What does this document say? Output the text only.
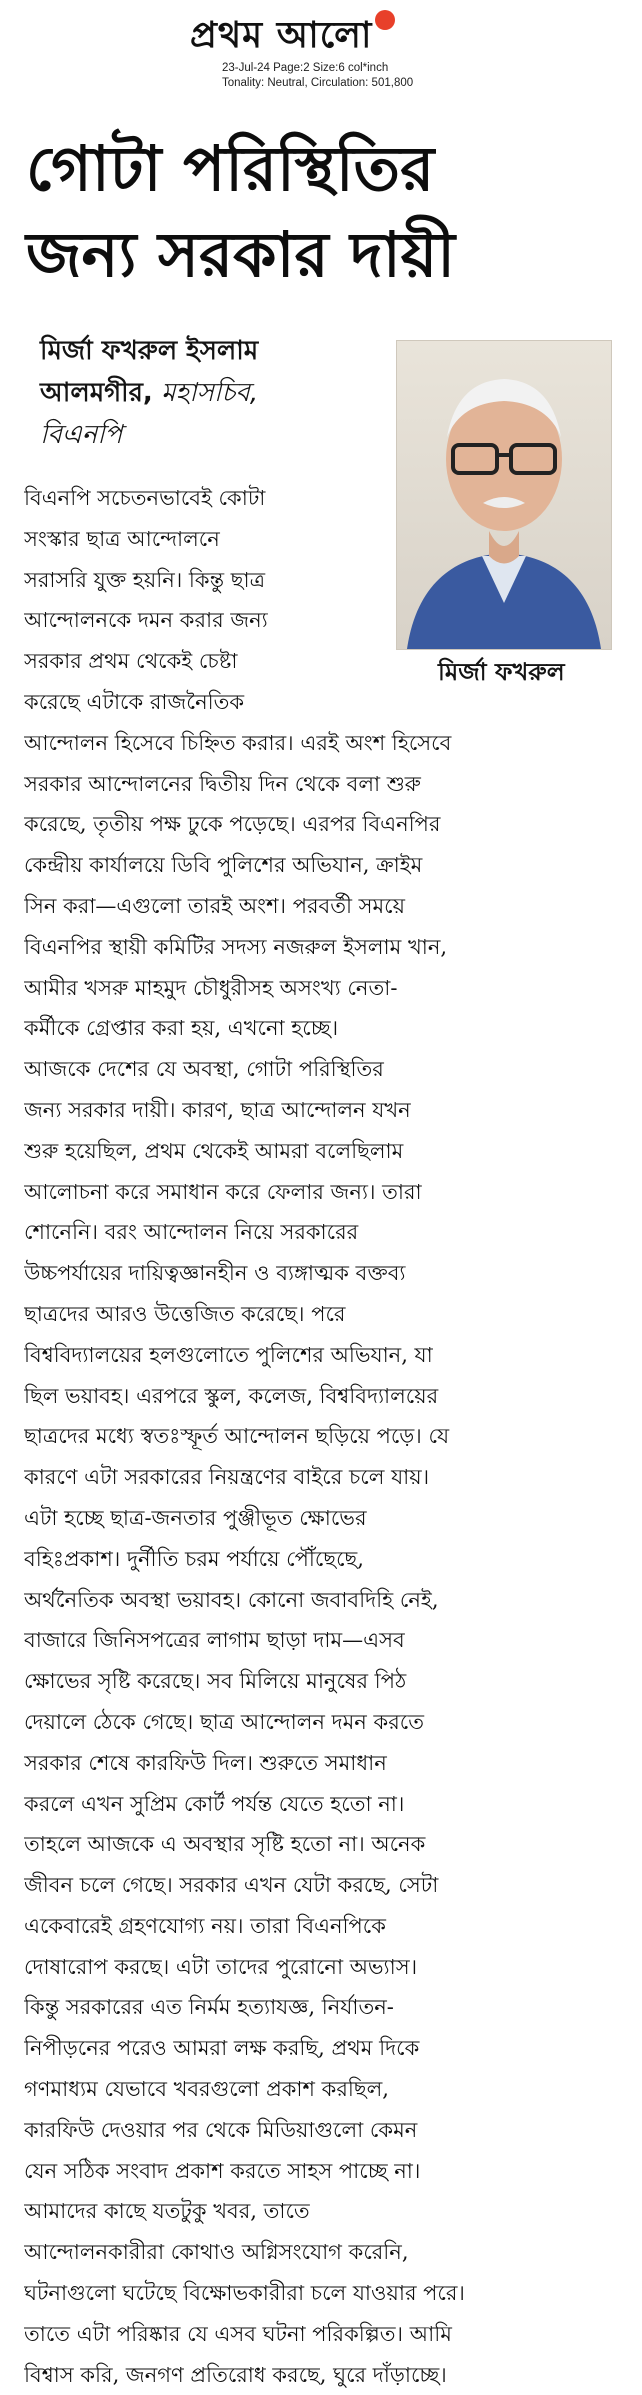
প্রথম আলো
23-Jul-24 Page:2 Size:6 col*inch
Tonality: Neutral, Circulation: 501,800
গোটা পরিস্থিতির
জন্য সরকার দায়ী
মির্জা ফখরুল ইসলাম
আলমগীর, মহাসচিব,
বিএনপি
মির্জা ফখরুল
বিএনপি সচেতনভাবেই কোটা
সংস্কার ছাত্র আন্দোলনে
সরাসরি যুক্ত হয়নি। কিন্তু ছাত্র
আন্দোলনকে দমন করার জন্য
সরকার প্রথম থেকেই চেষ্টা
করেছে এটাকে রাজনৈতিক
আন্দোলন হিসেবে চিহ্নিত করার। এরই অংশ হিসেবে
সরকার আন্দোলনের দ্বিতীয় দিন থেকে বলা শুরু
করেছে, তৃতীয় পক্ষ ঢুকে পড়েছে। এরপর বিএনপির
কেন্দ্রীয় কার্যালয়ে ডিবি পুলিশের অভিযান, ক্রাইম
সিন করা—এগুলো তারই অংশ। পরবর্তী সময়ে
বিএনপির স্থায়ী কমিটির সদস্য নজরুল ইসলাম খান,
আমীর খসরু মাহমুদ চৌধুরীসহ অসংখ্য নেতা-
কর্মীকে গ্রেপ্তার করা হয়, এখনো হচ্ছে।
আজকে দেশের যে অবস্থা, গোটা পরিস্থিতির
জন্য সরকার দায়ী। কারণ, ছাত্র আন্দোলন যখন
শুরু হয়েছিল, প্রথম থেকেই আমরা বলেছিলাম
আলোচনা করে সমাধান করে ফেলার জন্য। তারা
শোনেনি। বরং আন্দোলন নিয়ে সরকারের
উচ্চপর্যায়ের দায়িত্বজ্ঞানহীন ও ব্যঙ্গাত্মক বক্তব্য
ছাত্রদের আরও উত্তেজিত করেছে। পরে
বিশ্ববিদ্যালয়ের হলগুলোতে পুলিশের অভিযান, যা
ছিল ভয়াবহ। এরপরে স্কুল, কলেজ, বিশ্ববিদ্যালয়ের
ছাত্রদের মধ্যে স্বতঃস্ফূর্ত আন্দোলন ছড়িয়ে পড়ে। যে
কারণে এটা সরকারের নিয়ন্ত্রণের বাইরে চলে যায়।
এটা হচ্ছে ছাত্র-জনতার পুঞ্জীভূত ক্ষোভের
বহিঃপ্রকাশ। দুর্নীতি চরম পর্যায়ে পৌঁছেছে,
অর্থনৈতিক অবস্থা ভয়াবহ। কোনো জবাবদিহি নেই,
বাজারে জিনিসপত্রের লাগাম ছাড়া দাম—এসব
ক্ষোভের সৃষ্টি করেছে। সব মিলিয়ে মানুষের পিঠ
দেয়ালে ঠেকে গেছে। ছাত্র আন্দোলন দমন করতে
সরকার শেষে কারফিউ দিল। শুরুতে সমাধান
করলে এখন সুপ্রিম কোর্ট পর্যন্ত যেতে হতো না।
তাহলে আজকে এ অবস্থার সৃষ্টি হতো না। অনেক
জীবন চলে গেছে। সরকার এখন যেটা করছে, সেটা
একেবারেই গ্রহণযোগ্য নয়। তারা বিএনপিকে
দোষারোপ করছে। এটা তাদের পুরোনো অভ্যাস।
কিন্তু সরকারের এত নির্মম হত্যাযজ্ঞ, নির্যাতন-
নিপীড়নের পরেও আমরা লক্ষ করছি, প্রথম দিকে
গণমাধ্যম যেভাবে খবরগুলো প্রকাশ করছিল,
কারফিউ দেওয়ার পর থেকে মিডিয়াগুলো কেমন
যেন সঠিক সংবাদ প্রকাশ করতে সাহস পাচ্ছে না।
আমাদের কাছে যতটুকু খবর, তাতে
আন্দোলনকারীরা কোথাও অগ্নিসংযোগ করেনি,
ঘটনাগুলো ঘটেছে বিক্ষোভকারীরা চলে যাওয়ার পরে।
তাতে এটা পরিষ্কার যে এসব ঘটনা পরিকল্পিত। আমি
বিশ্বাস করি, জনগণ প্রতিরোধ করছে, ঘুরে দাঁড়াচ্ছে।
